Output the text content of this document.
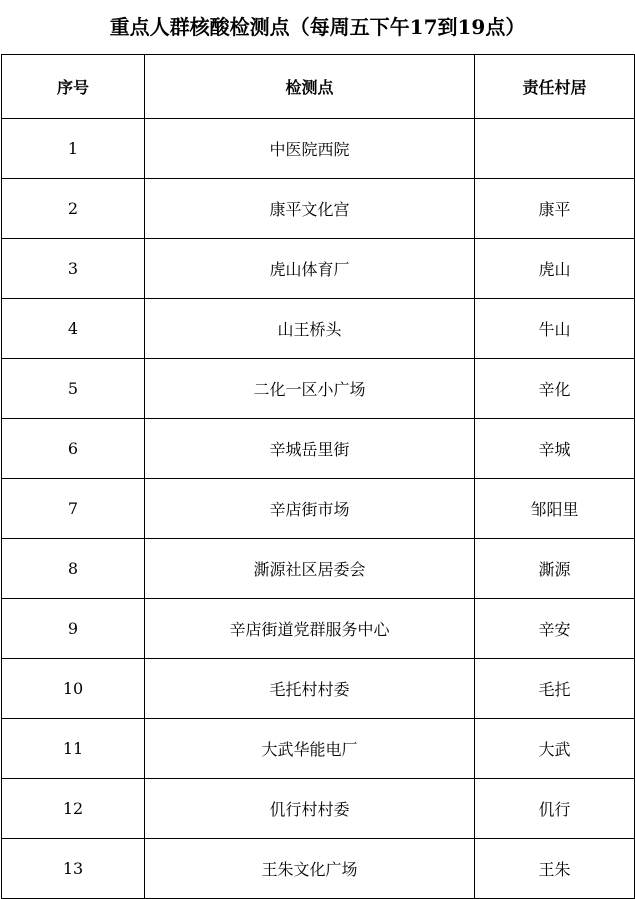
重点人群核酸检测点（每周五下午17到19点）
序号	检测点	责任村居
1	中医院西院	
2	康平文化宫	康平
3	虎山体育厂	虎山
4	山王桥头	牛山
5	二化一区小广场	辛化
6	辛城岳里街	辛城
7	辛店街市场	邹阳里
8	澌源社区居委会	澌源
9	辛店街道党群服务中心	辛安
10	毛托村村委	毛托
11	大武华能电厂	大武
12	仉行村村委	仉行
13	王朱文化广场	王朱
